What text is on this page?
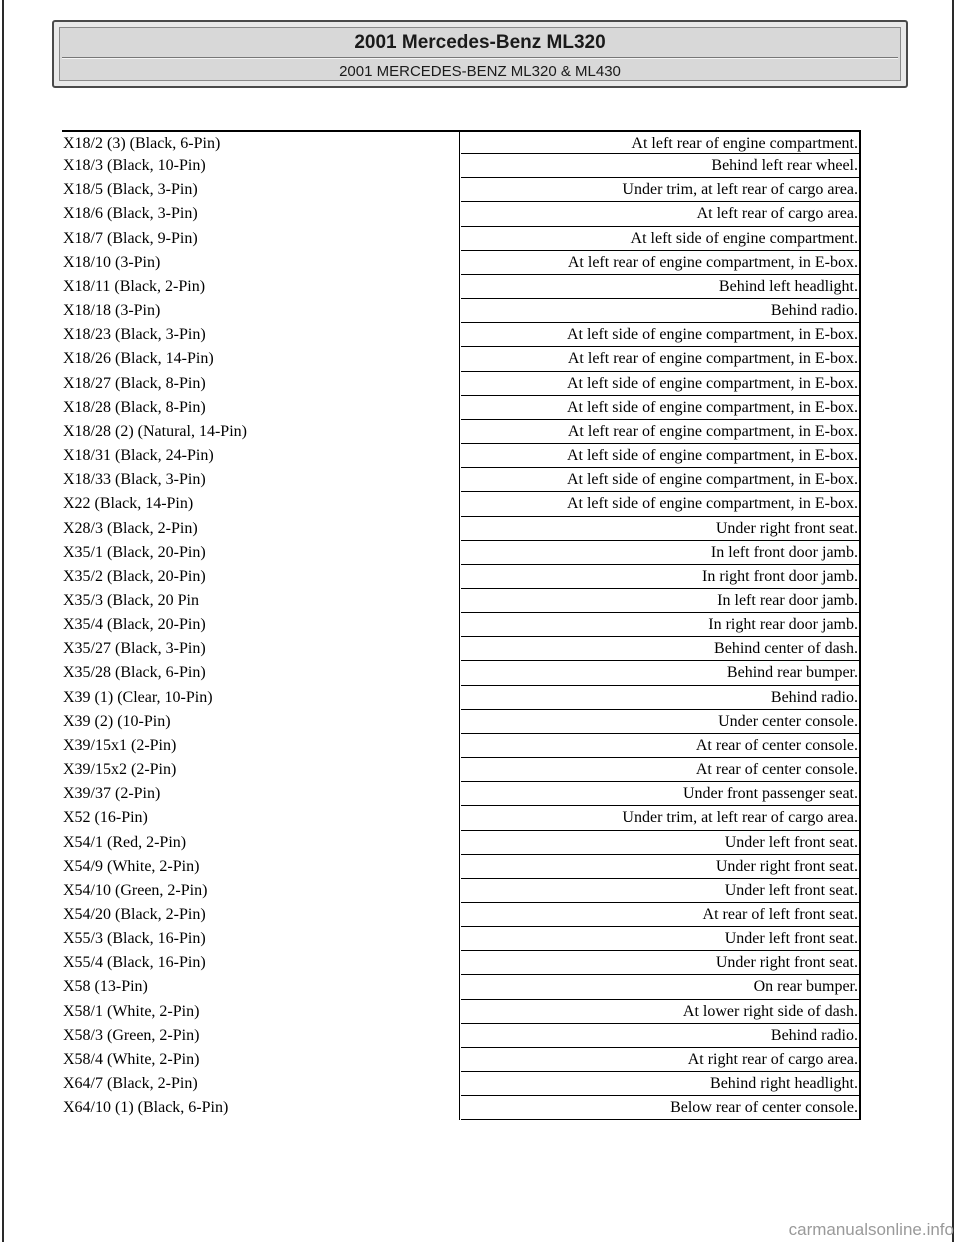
2001 Mercedes-Benz ML320
2001 MERCEDES-BENZ ML320 & ML430
X18/2 (3) (Black, 6-Pin)	At left rear of engine compartment.
X18/3 (Black, 10-Pin)	Behind left rear wheel.
X18/5 (Black, 3-Pin)	Under trim, at left rear of cargo area.
X18/6 (Black, 3-Pin)	At left rear of cargo area.
X18/7 (Black, 9-Pin)	At left side of engine compartment.
X18/10 (3-Pin)	At left rear of engine compartment, in E-box.
X18/11 (Black, 2-Pin)	Behind left headlight.
X18/18 (3-Pin)	Behind radio.
X18/23 (Black, 3-Pin)	At left side of engine compartment, in E-box.
X18/26 (Black, 14-Pin)	At left rear of engine compartment, in E-box.
X18/27 (Black, 8-Pin)	At left side of engine compartment, in E-box.
X18/28 (Black, 8-Pin)	At left side of engine compartment, in E-box.
X18/28 (2) (Natural, 14-Pin)	At left rear of engine compartment, in E-box.
X18/31 (Black, 24-Pin)	At left side of engine compartment, in E-box.
X18/33 (Black, 3-Pin)	At left side of engine compartment, in E-box.
X22 (Black, 14-Pin)	At left side of engine compartment, in E-box.
X28/3 (Black, 2-Pin)	Under right front seat.
X35/1 (Black, 20-Pin)	In left front door jamb.
X35/2 (Black, 20-Pin)	In right front door jamb.
X35/3 (Black, 20 Pin	In left rear door jamb.
X35/4 (Black, 20-Pin)	In right rear door jamb.
X35/27 (Black, 3-Pin)	Behind center of dash.
X35/28 (Black, 6-Pin)	Behind rear bumper.
X39 (1) (Clear, 10-Pin)	Behind radio.
X39 (2) (10-Pin)	Under center console.
X39/15x1 (2-Pin)	At rear of center console.
X39/15x2 (2-Pin)	At rear of center console.
X39/37 (2-Pin)	Under front passenger seat.
X52 (16-Pin)	Under trim, at left rear of cargo area.
X54/1 (Red, 2-Pin)	Under left front seat.
X54/9 (White, 2-Pin)	Under right front seat.
X54/10 (Green, 2-Pin)	Under left front seat.
X54/20 (Black, 2-Pin)	At rear of left front seat.
X55/3 (Black, 16-Pin)	Under left front seat.
X55/4 (Black, 16-Pin)	Under right front seat.
X58 (13-Pin)	On rear bumper.
X58/1 (White, 2-Pin)	At lower right side of dash.
X58/3 (Green, 2-Pin)	Behind radio.
X58/4 (White, 2-Pin)	At right rear of cargo area.
X64/7 (Black, 2-Pin)	Behind right headlight.
X64/10 (1) (Black, 6-Pin)	Below rear of center console.
carmanualsonline.info
